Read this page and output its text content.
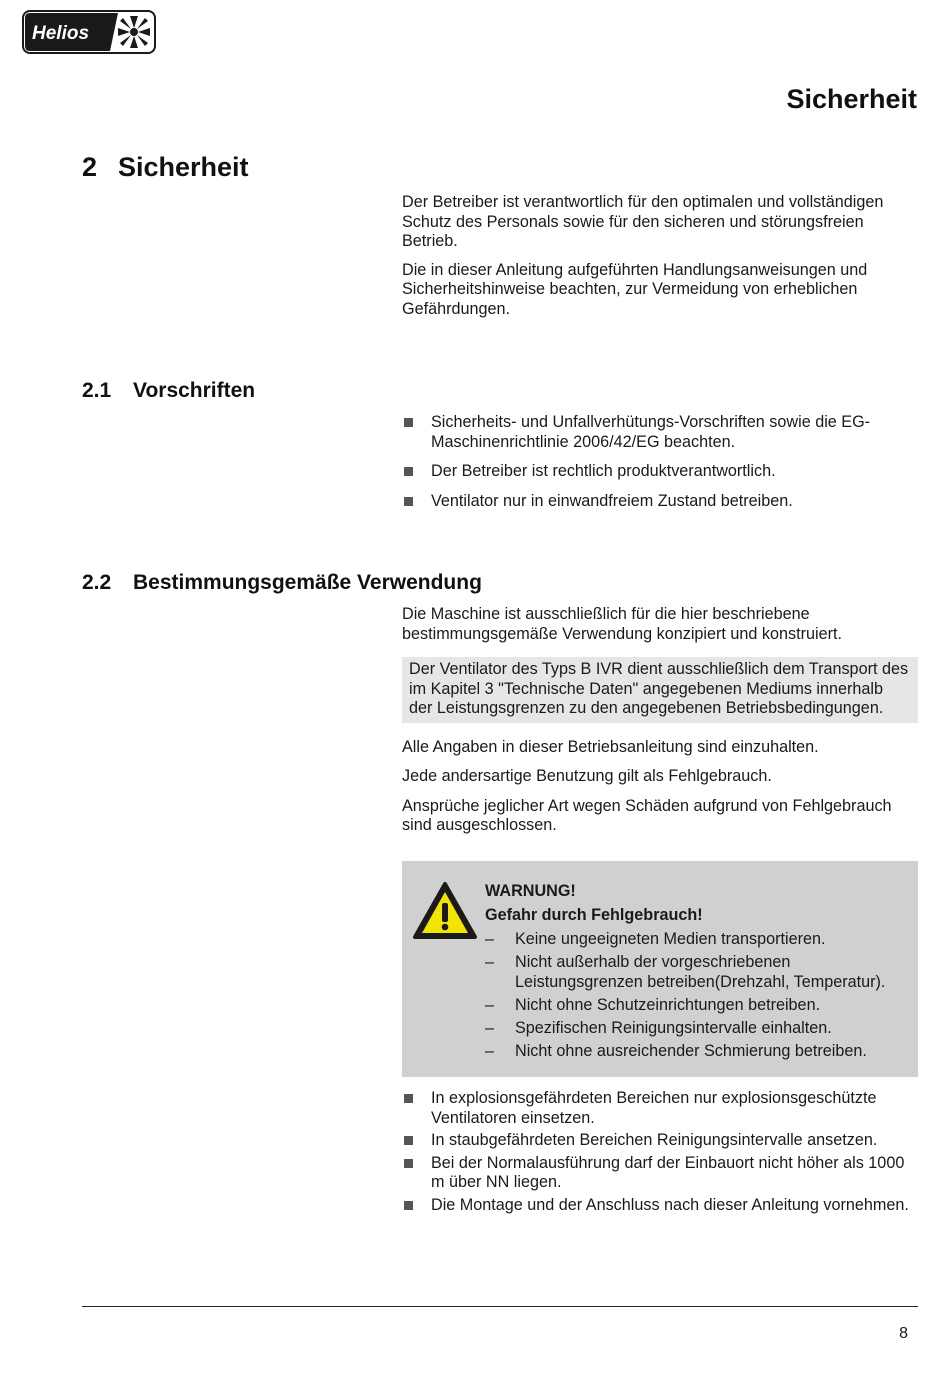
Helios
Sicherheit
2 Sicherheit

Der Betreiber ist verantwortlich für den optimalen und vollständigen Schutz des Personals sowie für den sicheren und störungsfreien Betrieb.

Die in dieser Anleitung aufgeführten Handlungsanweisungen und Sicherheitshinweise beachten, zur Vermeidung von erheblichen Gefährdungen.

2.1 Vorschriften
Sicherheits- und Unfallverhütungs-Vorschriften sowie die EG-Maschinenrichtlinie 2006/42/EG beachten.
Der Betreiber ist rechtlich produktverantwortlich.
Ventilator nur in einwandfreiem Zustand betreiben.
2.2 Bestimmungsgemäße Verwendung

Die Maschine ist ausschließlich für die hier beschriebene bestimmungsgemäße Verwendung konzipiert und konstruiert.

Der Ventilator des Typs B IVR dient ausschließlich dem Transport des im Kapitel 3 "Technische Daten" angegebenen Mediums innerhalb der Leistungsgrenzen zu den angegebenen Betriebsbedingungen.

Alle Angaben in dieser Betriebsanleitung sind einzuhalten.

Jede andersartige Benutzung gilt als Fehlgebrauch.

Ansprüche jeglicher Art wegen Schäden aufgrund von Fehlgebrauch sind ausgeschlossen.

WARNUNG!
Gefahr durch Fehlgebrauch!
– Keine ungeeigneten Medien transportieren.
– Nicht außerhalb der vorgeschriebenen Leistungsgrenzen betreiben(Drehzahl, Temperatur).
– Nicht ohne Schutzeinrichtungen betreiben.
– Spezifischen Reinigungsintervalle einhalten.
– Nicht ohne ausreichender Schmierung betreiben.
In explosionsgefährdeten Bereichen nur explosionsgeschützte Ventilatoren einsetzen.
In staubgefährdeten Bereichen Reinigungsintervalle ansetzen.
Bei der Normalausführung darf der Einbauort nicht höher als 1000 m über NN liegen.
Die Montage und der Anschluss nach dieser Anleitung vornehmen.
8
